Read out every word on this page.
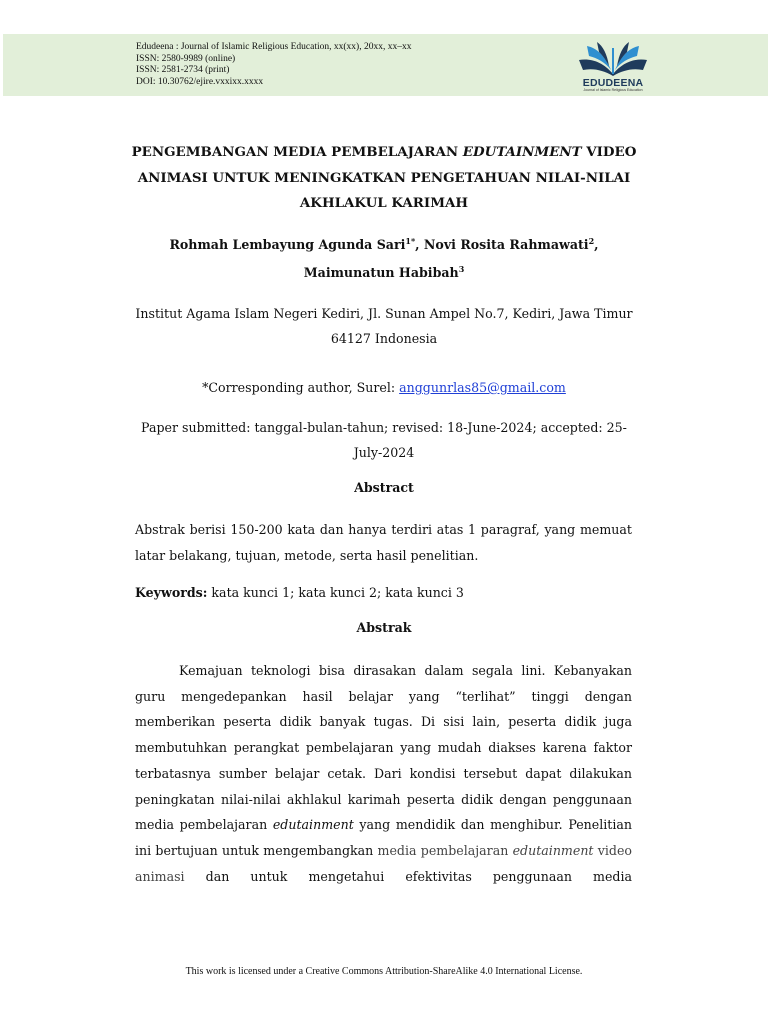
Edudeena : Journal of Islamic Religious Education, xx(xx), 20xx, xx–xx
ISSN: 2580-9989 (online)
ISSN: 2581-2734 (print)
DOI: 10.30762/ejire.vxxixx.xxxx	EDUDEENA
Journal of Islamic Religious Education
PENGEMBANGAN MEDIA PEMBELAJARAN EDUTAINMENT VIDEO
ANIMASI UNTUK MENINGKATKAN PENGETAHUAN NILAI-NILAI
AKHLAKUL KARIMAH
Rohmah Lembayung Agunda Sari$^{1*}$, Novi Rosita Rahmawati$^2$,
Maimunatun Habibah$^3$
Institut Agama Islam Negeri Kediri, Jl. Sunan Ampel No.7, Kediri, Jawa Timur
64127 Indonesia
*Corresponding author, Surel: anggunrlas85@gmail.com
Paper submitted: tanggal-bulan-tahun; revised: 18-June-2024; accepted: 25-
July-2024
Abstract
Abstrak berisi 150-200 kata dan hanya terdiri atas 1 paragraf, yang memuat latar belakang, tujuan, metode, serta hasil penelitian.
Keywords: kata kunci 1; kata kunci 2; kata kunci 3
Abstrak
Kemajuan teknologi bisa dirasakan dalam segala lini. Kebanyakan guru mengedepankan hasil belajar yang “terlihat” tinggi dengan memberikan peserta didik banyak tugas. Di sisi lain, peserta didik juga membutuhkan perangkat pembelajaran yang mudah diakses karena faktor terbatasnya sumber belajar cetak. Dari kondisi tersebut dapat dilakukan peningkatan nilai-nilai akhlakul karimah peserta didik dengan penggunaan media pembelajaran edutainment yang mendidik dan menghibur. Penelitian ini bertujuan untuk mengembangkan media pembelajaran edutainment video animasi dan untuk mengetahui efektivitas penggunaan media
This work is licensed under a Creative Commons Attribution-ShareAlike 4.0 International License.
